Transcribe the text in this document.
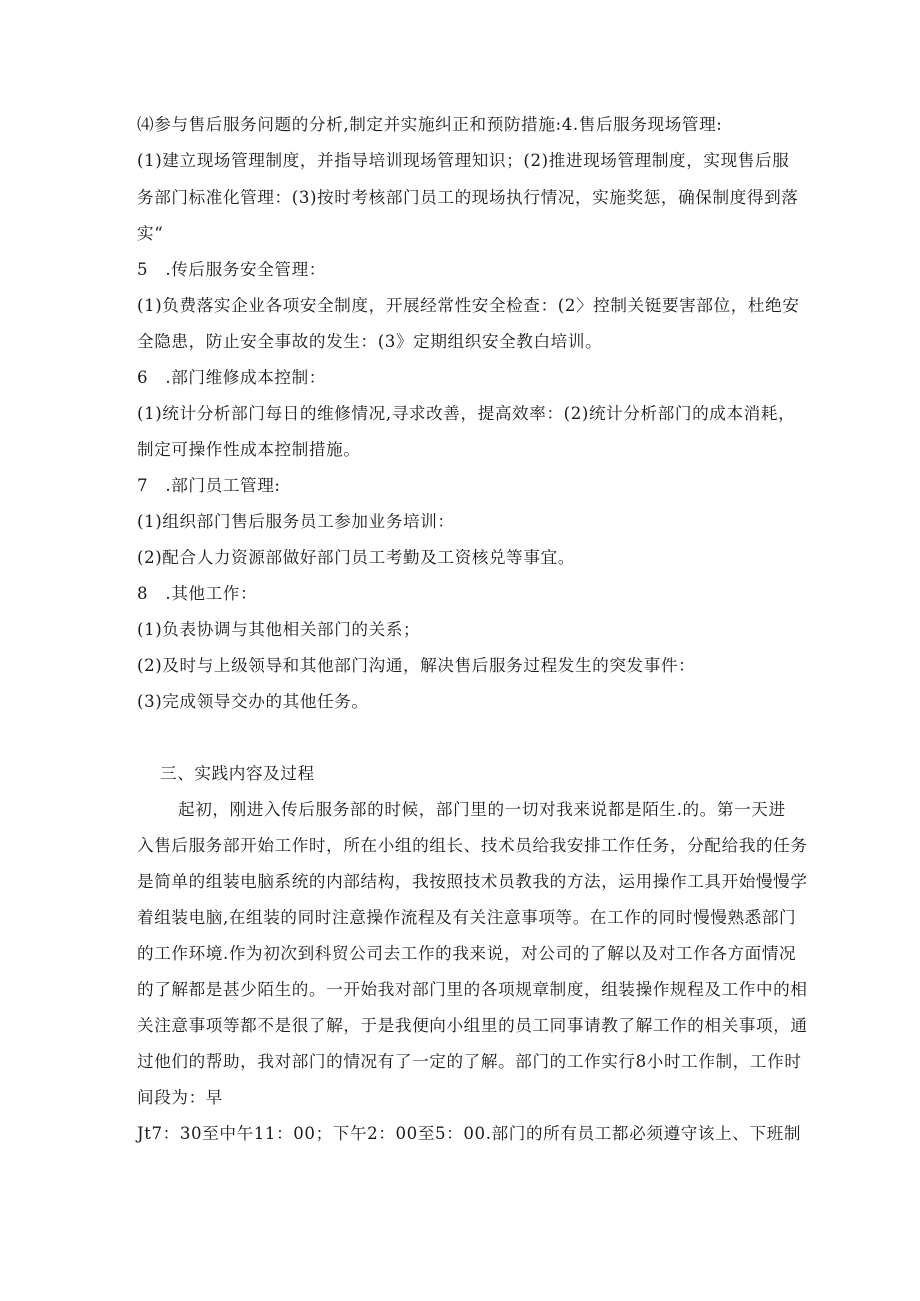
⑷参与售后服务问题的分析,制定并实施纠正和预防措施:4.售后服务现场管理:
(1)建立现场管理制度，并指导培训现场管理知识；(2)推进现场管理制度，实现售后服
务部门标准化管理：(3)按时考核部门员工的现场执行情况，实施奖惩，确保制度得到落
实“
5　.传后服务安全管理：
(1)负费落实企业各项安全制度，开展经常性安全检查：(2〉控制关铤要害部位，杜绝安
全隐患，防止安全事故的发生：(3》定期组织安全教白培训。
6　.部门维修成本控制：
(1)统计分析部门每日的维修情况,寻求改善，提高效率：(2)统计分析部门的成本消耗，
制定可操作性成本控制措施。
7　.部门员工管理:
(1)组织部门售后服务员工参加业务培训：
(2)配合人力资源部做好部门员工考勤及工资核兑等事宜。
8　.其他工作：
(1)负表协调与其他相关部门的关系；
(2)及时与上级领导和其他部门沟通，解决售后服务过程发生的突发事件：
(3)完成领导交办的其他任务。
三、实践内容及过程
起初，刚进入传后服务部的时候，部门里的一切对我来说都是陌生.的。第一天进
入售后服务部开始工作时，所在小组的组长、技术员给我安排工作任务，分配给我的任务
是简单的组装电脑系统的内部结构，我按照技术员教我的方法，运用操作工具开始慢慢学
着组装电脑,在组装的同时注意操作流程及有关注意事项等。在工作的同时慢慢熟悉部门
的工作环境.作为初次到科贸公司去工作的我来说，对公司的了解以及对工作各方面情况
的了解都是甚少陌生的。一开始我对部门里的各项规章制度，组装操作规程及工作中的相
关注意事项等都不是很了解，于是我便向小组里的员工同事请教了解工作的相关事项，通
过他们的帮助，我对部门的情况有了一定的了解。部门的工作实行8小时工作制，工作时
间段为：早
Jt7：30至中午11：00；下午2：00至5：00.部门的所有员工都必须遵守该上、下班制
